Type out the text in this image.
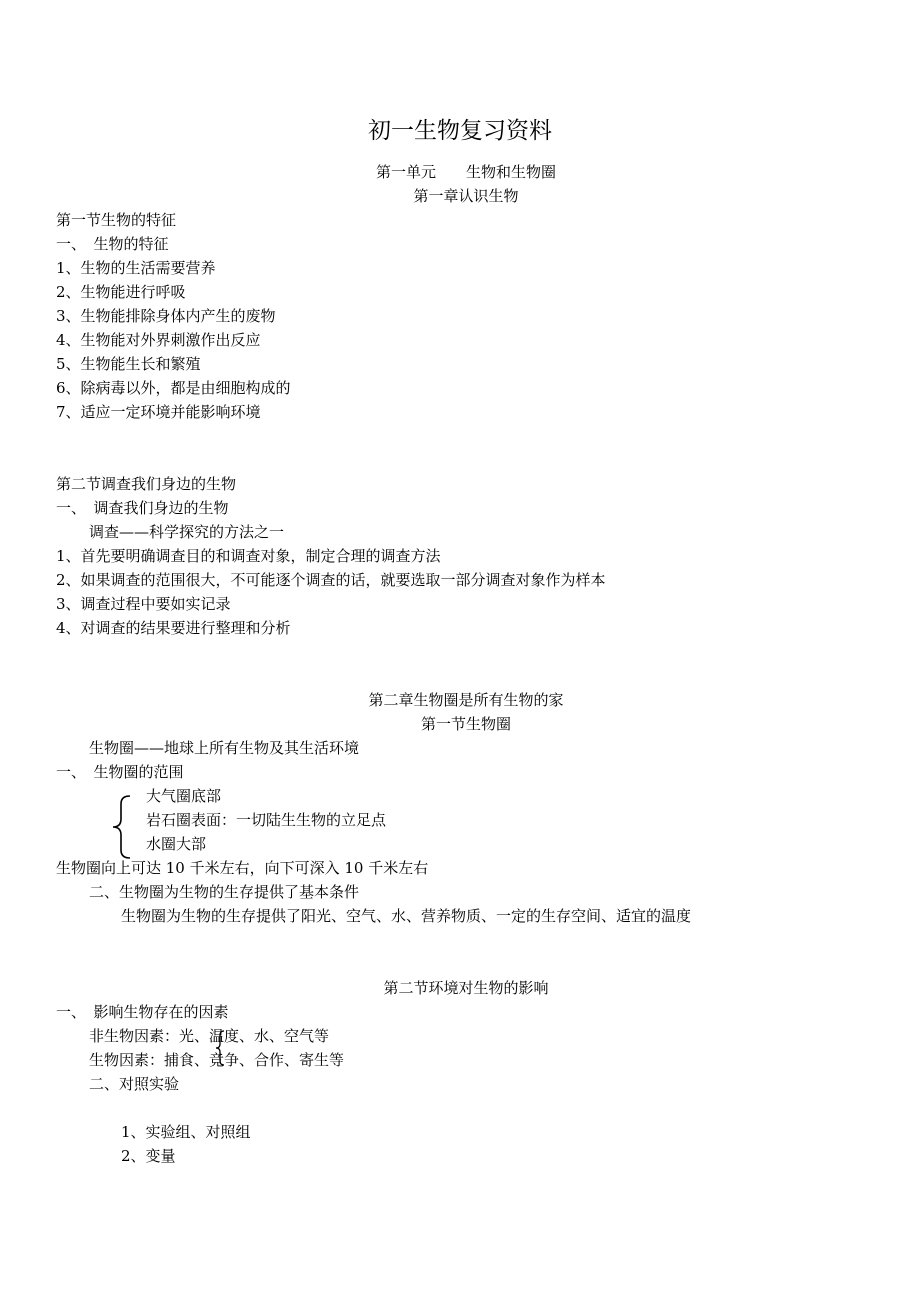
初一生物复习资料
第一单元　　生物和生物圈
第一章认识生物
第一节生物的特征
一、　生物的特征
1、生物的生活需要营养
2、生物能进行呼吸
3、生物能排除身体内产生的废物
4、生物能对外界刺激作出反应
5、生物能生长和繁殖
6、除病毒以外，都是由细胞构成的
7、适应一定环境并能影响环境
第二节调查我们身边的生物
一、　调查我们身边的生物
调查——科学探究的方法之一
1、首先要明确调查目的和调查对象，制定合理的调查方法
2、如果调查的范围很大，不可能逐个调查的话，就要选取一部分调查对象作为样本
3、调查过程中要如实记录
4、对调查的结果要进行整理和分析
第二章生物圈是所有生物的家
第一节生物圈
生物圈——地球上所有生物及其生活环境
一、　生物圈的范围
大气圈底部
岩石圈表面：一切陆生生物的立足点
水圈大部
生物圈向上可达 10 千米左右，向下可深入 10 千米左右
二、生物圈为生物的生存提供了基本条件
生物圈为生物的生存提供了阳光、空气、水、营养物质、一定的生存空间、适宜的温度
第二节环境对生物的影响
一、　影响生物存在的因素
非生物因素：光、温度、水、空气等
生物因素：捕食、竞争、合作、寄生等
二、对照实验
1、实验组、对照组
2、变量
